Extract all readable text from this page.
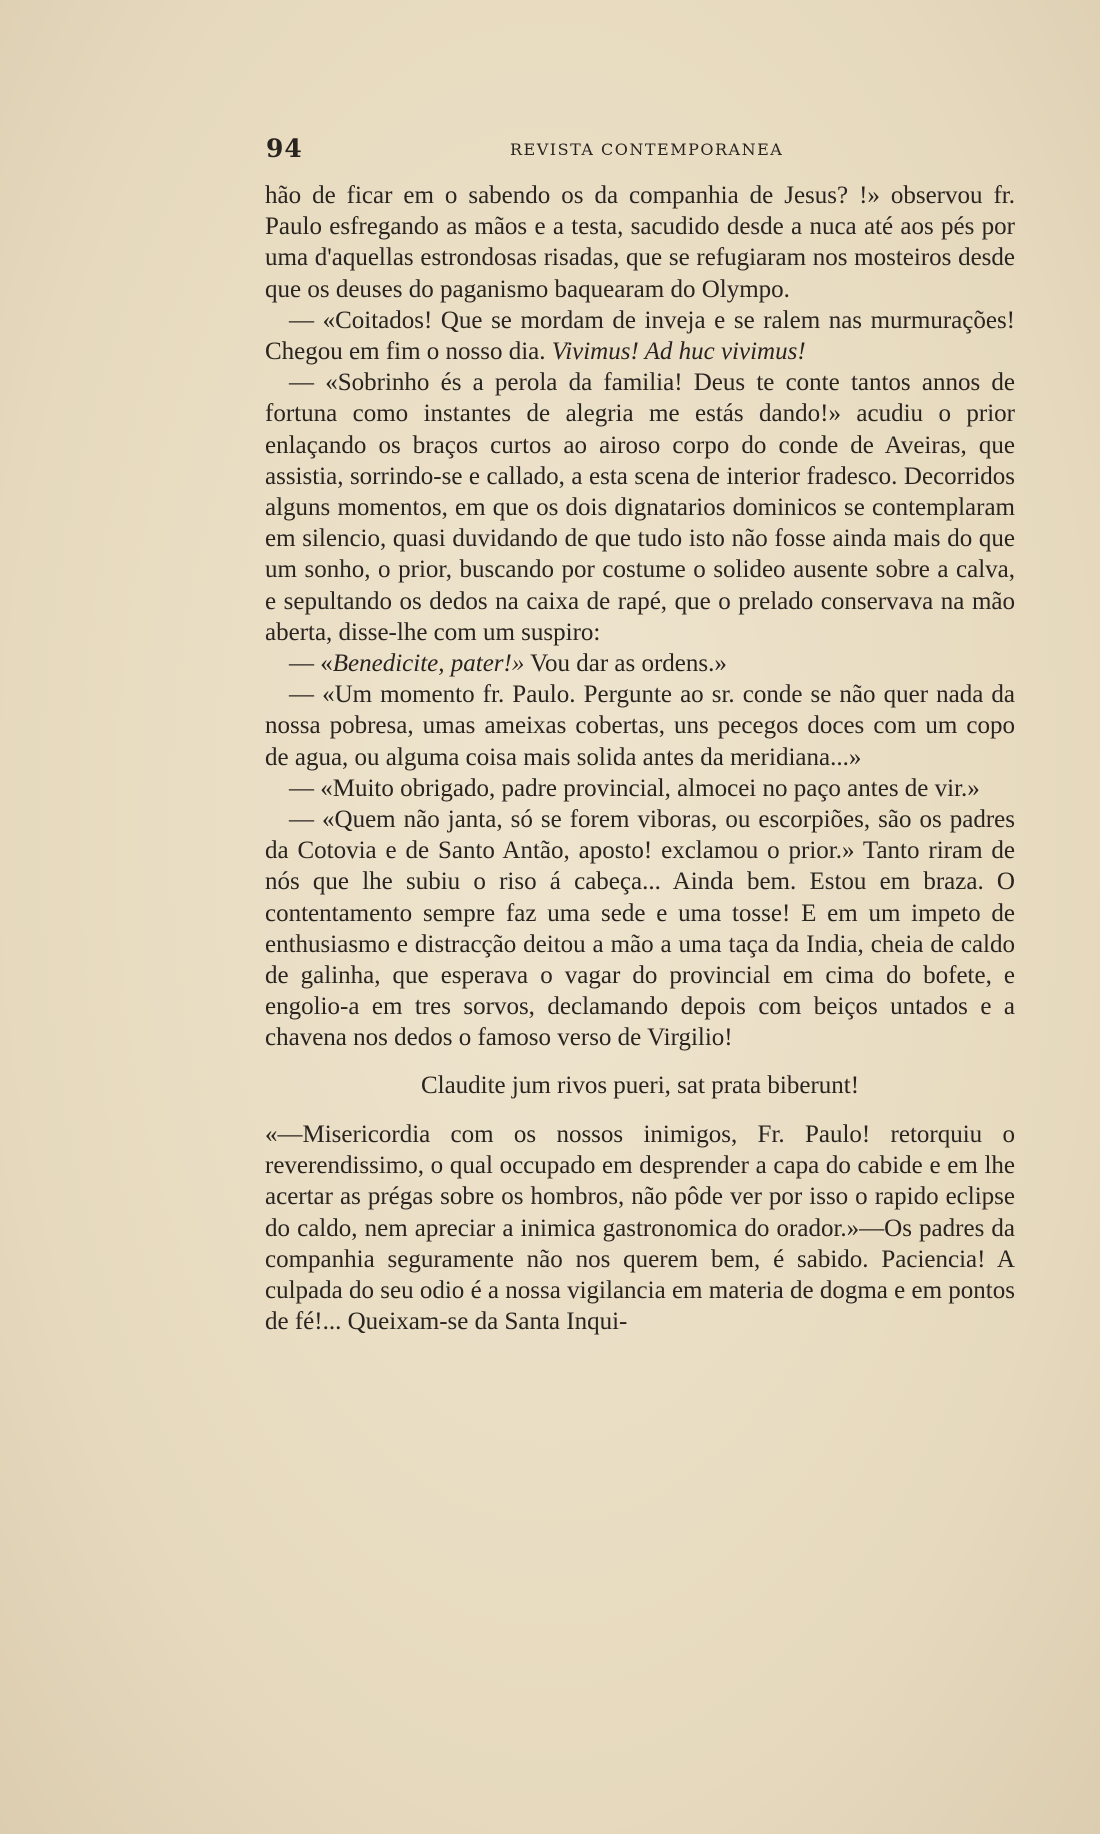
94	REVISTA CONTEMPORANEA

hão de ficar em o sabendo os da companhia de Jesus? !» observou fr. Paulo esfregando as mãos e a testa, sacudido desde a nuca até aos pés por uma d'aquellas estrondosas risadas, que se refugiaram nos mosteiros desde que os deuses do paganismo baquearam do Olympo.

— «Coitados! Que se mordam de inveja e se ralem nas murmurações! Chegou em fim o nosso dia. Vivimus! Ad huc vivimus!

— «Sobrinho és a perola da familia! Deus te conte tantos annos de fortuna como instantes de alegria me estás dando!» acudiu o prior enlaçando os braços curtos ao airoso corpo do conde de Aveiras, que assistia, sorrindo-se e callado, a esta scena de interior fradesco. Decorridos alguns momentos, em que os dois dignatarios dominicos se contemplaram em silencio, quasi duvidando de que tudo isto não fosse ainda mais do que um sonho, o prior, buscando por costume o solideo ausente sobre a calva, e sepultando os dedos na caixa de rapé, que o prelado conservava na mão aberta, disse-lhe com um suspiro:

— «Benedicite, pater!» Vou dar as ordens.»

— «Um momento fr. Paulo. Pergunte ao sr. conde se não quer nada da nossa pobresa, umas ameixas cobertas, uns pecegos doces com um copo de agua, ou alguma coisa mais solida antes da meridiana...»

— «Muito obrigado, padre provincial, almocei no paço antes de vir.»

— «Quem não janta, só se forem viboras, ou escorpiões, são os padres da Cotovia e de Santo Antão, aposto! exclamou o prior.» Tanto riram de nós que lhe subiu o riso á cabeça... Ainda bem. Estou em braza. O contentamento sempre faz uma sede e uma tosse! E em um impeto de enthusiasmo e distracção deitou a mão a uma taça da India, cheia de caldo de galinha, que esperava o vagar do provincial em cima do bofete, e engolio-a em tres sorvos, declamando depois com beiços untados e a chavena nos dedos o famoso verso de Virgilio!

Claudite jum rivos pueri, sat prata biberunt!

«—Misericordia com os nossos inimigos, Fr. Paulo! retorquiu o reverendissimo, o qual occupado em desprender a capa do cabide e em lhe acertar as prégas sobre os hombros, não pôde ver por isso o rapido eclipse do caldo, nem apreciar a inimica gastronomica do orador.»—Os padres da companhia seguramente não nos querem bem, é sabido. Paciencia! A culpada do seu odio é a nossa vigilancia em materia de dogma e em pontos de fé!... Queixam-se da Santa Inqui-
